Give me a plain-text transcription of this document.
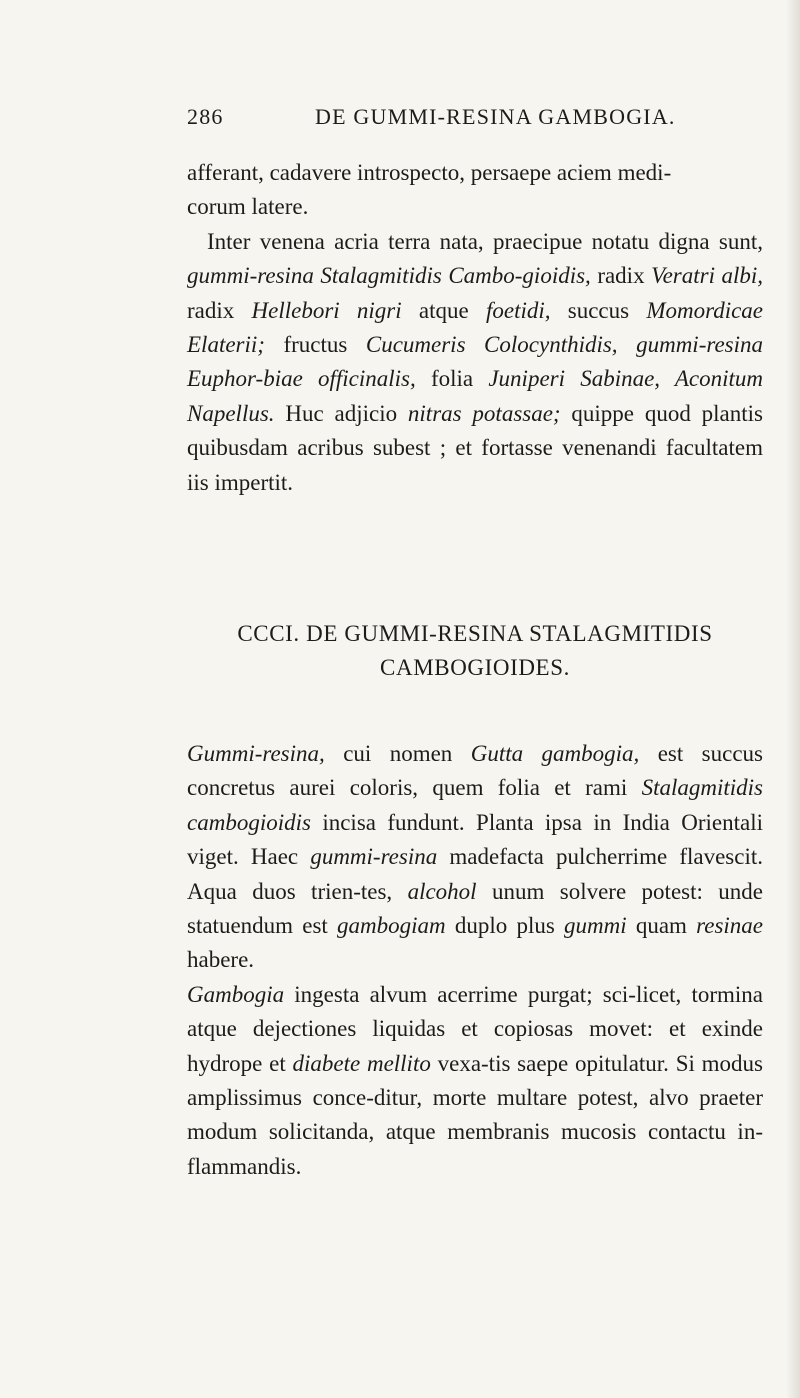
286	DE GUMMI-RESINA GAMBOGIA.

afferant, cadavere introspecto, persaepe aciem medi-
corum latere.

Inter venena acria terra nata, praecipue notatu digna sunt, gummi-resina Stalagmitidis Cambo-gioidis, radix Veratri albi, radix Hellebori nigri atque foetidi, succus Momordicae Elaterii; fructus Cucumeris Colocynthidis, gummi-resina Euphor-biae officinalis, folia Juniperi Sabinae, Aconitum Napellus. Huc adjicio nitras potassae; quippe quod plantis quibusdam acribus subest ; et fortasse venenandi facultatem iis impertit.

CCCI. DE GUMMI-RESINA STALAGMITIDIS
CAMBOGIOIDES.

Gummi-resina, cui nomen Gutta gambogia, est succus concretus aurei coloris, quem folia et rami Stalagmitidis cambogioidis incisa fundunt. Planta ipsa in India Orientali viget. Haec gummi-resina madefacta pulcherrime flavescit. Aqua duos trien-tes, alcohol unum solvere potest: unde statuendum est gambogiam duplo plus gummi quam resinae habere.

Gambogia ingesta alvum acerrime purgat; sci-licet, tormina atque dejectiones liquidas et copiosas movet: et exinde hydrope et diabete mellito vexa-tis saepe opitulatur. Si modus amplissimus conce-ditur, morte multare potest, alvo praeter modum solicitanda, atque membranis mucosis contactu in-flammandis.
